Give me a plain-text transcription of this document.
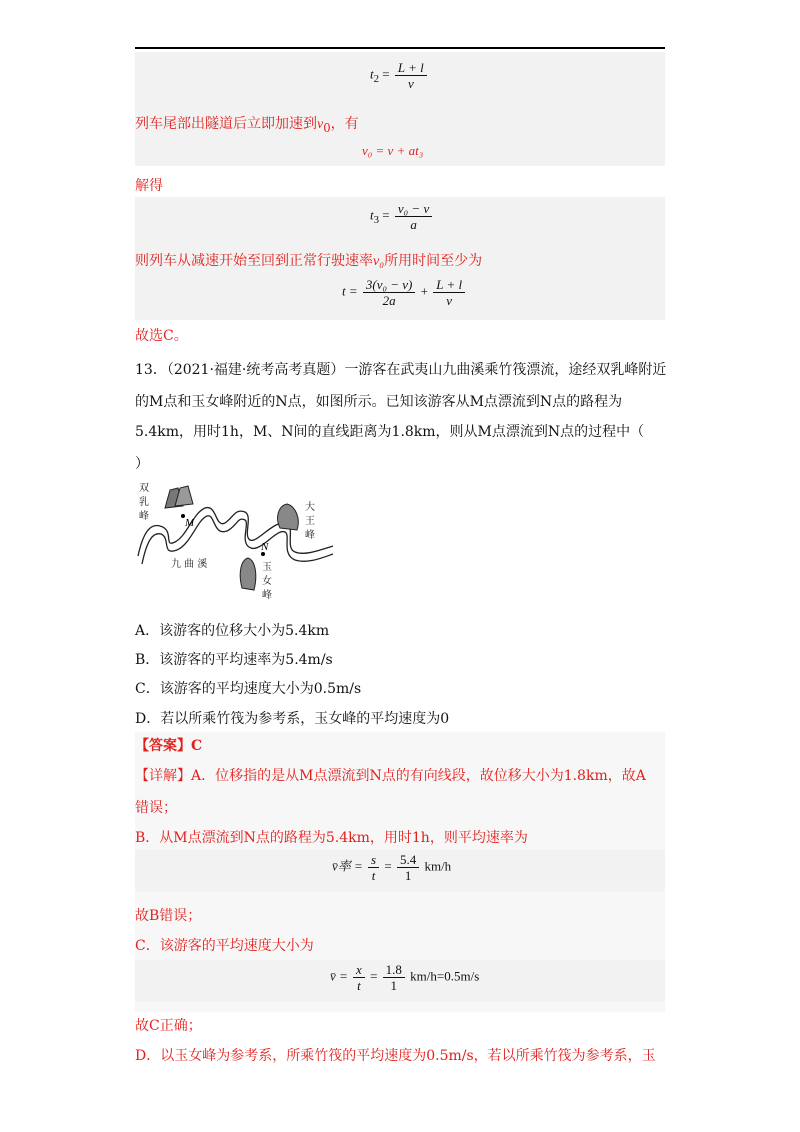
$t_2 = \frac{L + l}{v}$
列车尾部出隧道后立即加速到$v_0$，有
v₀ = v + at₃
解得
$t_3 = \frac{\text{v₀ − v}}{a}$
则列车从减速开始至回到正常行驶速率v₀所用时间至少为
$t = \frac{\text{3(v₀ − v)}}{2a} + \frac{L + l}{v}$
故选C。
13．（2021·福建·统考高考真题）一游客在武夷山九曲溪乘竹筏漂流，途经双乳峰附近
的M点和玉女峰附近的N点，如图所示。已知该游客从M点漂流到N点的路程为
5.4km，用时1h，M、N间的直线距离为1.8km，则从M点漂流到N点的过程中（
）
M
N
双
乳
峰
大
王
峰
玉
女
峰
九 曲 溪
A．该游客的位移大小为5.4km
B．该游客的平均速率为5.4m/s
C．该游客的平均速度大小为0.5m/s
D．若以所乘竹筏为参考系，玉女峰的平均速度为0
【答案】C
【详解】A．位移指的是从M点漂流到N点的有向线段，故位移大小为1.8km，故A
错误；
B．从M点漂流到N点的路程为5.4km，用时1h，则平均速率为
v̄率 = $\frac{s}{t} = \frac{5.4}{1} km/h$
故B错误；
C．该游客的平均速度大小为
v̄ = $\frac{x}{t} = \frac{1.8}{1} km/h=0.5m/s$
故C正确；
D．以玉女峰为参考系，所乘竹筏的平均速度为0.5m/s，若以所乘竹筏为参考系，玉
